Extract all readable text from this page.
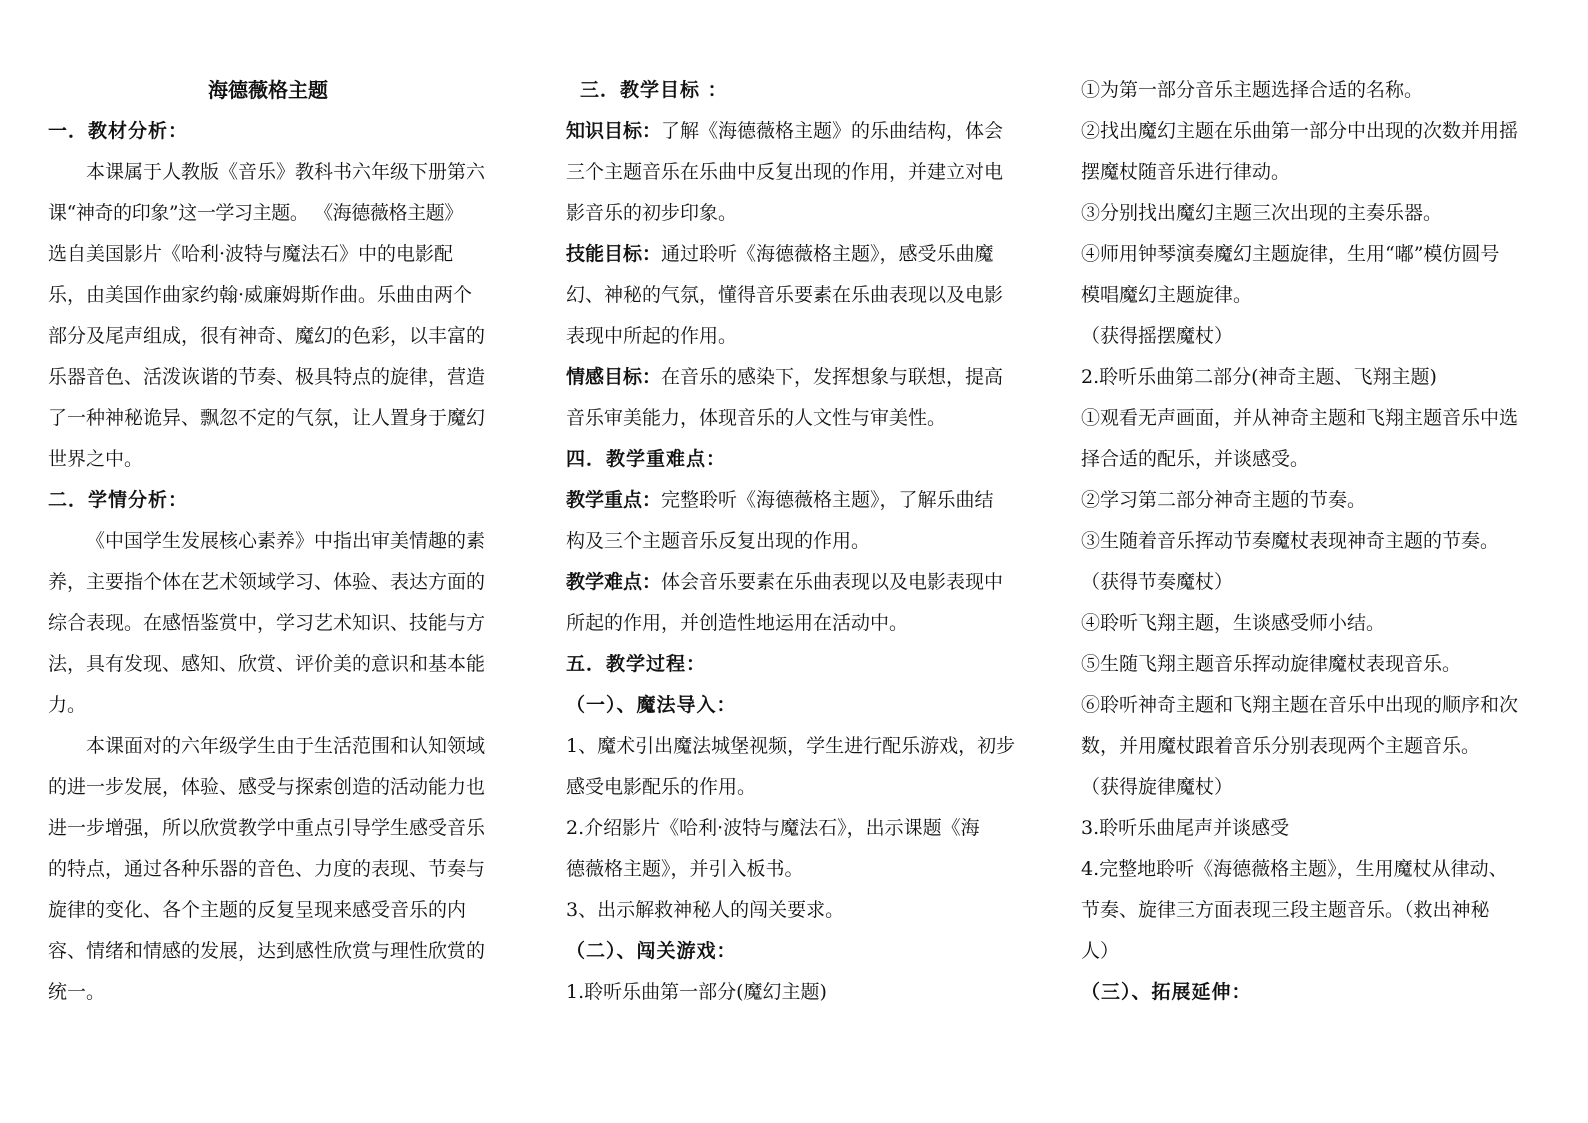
海德薇格主题
一．教材分析：
本课属于人教版《音乐》教科书六年级下册第六
课“神奇的印象”这一学习主题。 《海德薇格主题》
选自美国影片《哈利·波特与魔法石》中的电影配
乐，由美国作曲家约翰·威廉姆斯作曲。乐曲由两个
部分及尾声组成，很有神奇、魔幻的色彩，以丰富的
乐器音色、活泼诙谐的节奏、极具特点的旋律，营造
了一种神秘诡异、飘忽不定的气氛，让人置身于魔幻
世界之中。
二．学情分析：
《中国学生发展核心素养》中指出审美情趣的素
养，主要指个体在艺术领域学习、体验、表达方面的
综合表现。在感悟鉴赏中，学习艺术知识、技能与方
法，具有发现、感知、欣赏、评价美的意识和基本能
力。
本课面对的六年级学生由于生活范围和认知领域
的进一步发展，体验、感受与探索创造的活动能力也
进一步增强，所以欣赏教学中重点引导学生感受音乐
的特点，通过各种乐器的音色、力度的表现、节奏与
旋律的变化、各个主题的反复呈现来感受音乐的内
容、情绪和情感的发展，达到感性欣赏与理性欣赏的
统一。
三．教学目标 ：
知识目标：了解《海德薇格主题》的乐曲结构，体会
三个主题音乐在乐曲中反复出现的作用，并建立对电
影音乐的初步印象。
技能目标：通过聆听《海德薇格主题》，感受乐曲魔
幻、神秘的气氛，懂得音乐要素在乐曲表现以及电影
表现中所起的作用。
情感目标：在音乐的感染下，发挥想象与联想，提高
音乐审美能力，体现音乐的人文性与审美性。
四．教学重难点：
教学重点：完整聆听《海德薇格主题》，了解乐曲结
构及三个主题音乐反复出现的作用。
教学难点：体会音乐要素在乐曲表现以及电影表现中
所起的作用，并创造性地运用在活动中。
五．教学过程：
（一）、魔法导入：
1、魔术引出魔法城堡视频，学生进行配乐游戏，初步
感受电影配乐的作用。
2.介绍影片《哈利·波特与魔法石》，出示课题《海
德薇格主题》，并引入板书。
3、出示解救神秘人的闯关要求。
（二）、闯关游戏：
1.聆听乐曲第一部分(魔幻主题)
①为第一部分音乐主题选择合适的名称。
②找出魔幻主题在乐曲第一部分中出现的次数并用摇
摆魔杖随音乐进行律动。
③分别找出魔幻主题三次出现的主奏乐器。
④师用钟琴演奏魔幻主题旋律，生用“嘟”模仿圆号
模唱魔幻主题旋律。
（获得摇摆魔杖）
2.聆听乐曲第二部分(神奇主题、飞翔主题)
①观看无声画面，并从神奇主题和飞翔主题音乐中选
择合适的配乐，并谈感受。
②学习第二部分神奇主题的节奏。
③生随着音乐挥动节奏魔杖表现神奇主题的节奏。
（获得节奏魔杖）
④聆听飞翔主题，生谈感受师小结。
⑤生随飞翔主题音乐挥动旋律魔杖表现音乐。
⑥聆听神奇主题和飞翔主题在音乐中出现的顺序和次
数，并用魔杖跟着音乐分别表现两个主题音乐。
（获得旋律魔杖）
3.聆听乐曲尾声并谈感受
4.完整地聆听《海德薇格主题》，生用魔杖从律动、
节奏、旋律三方面表现三段主题音乐。（救出神秘
人）
（三）、拓展延伸：
